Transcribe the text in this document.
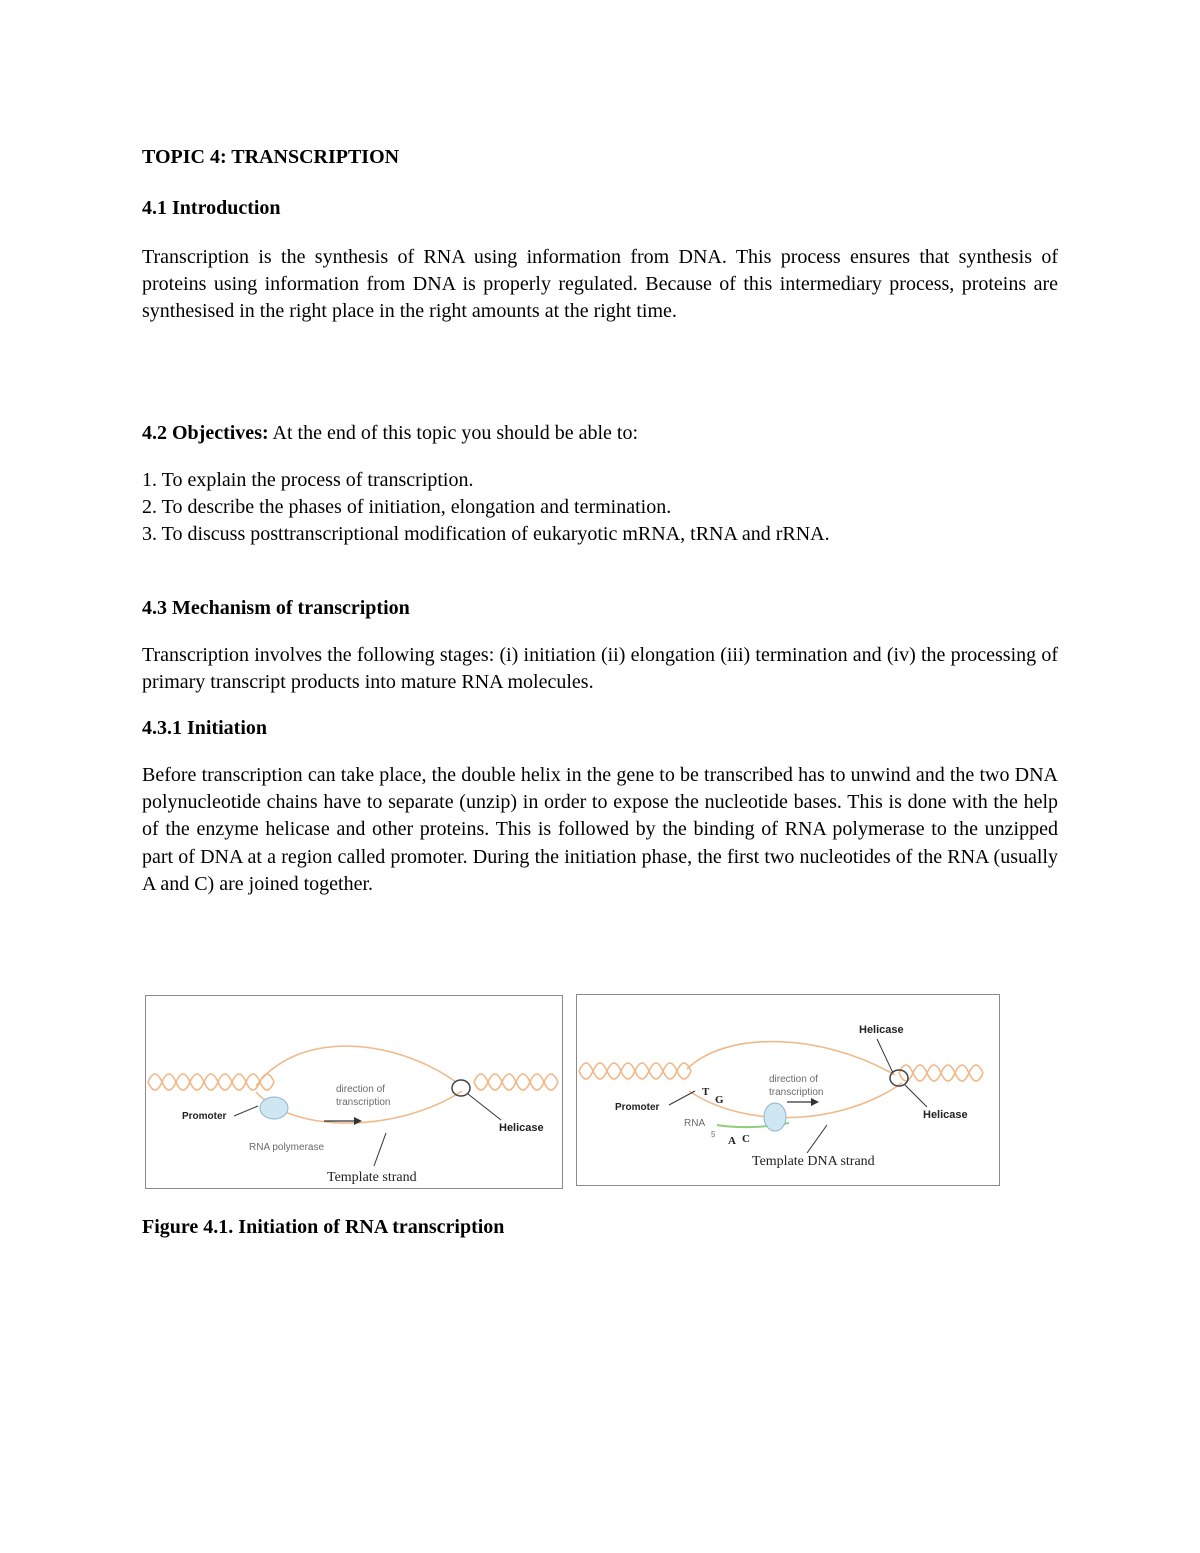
TOPIC 4: TRANSCRIPTION

4.1 Introduction

Transcription is the synthesis of RNA using information from DNA. This process ensures that synthesis of proteins using information from DNA is properly regulated. Because of this intermediary process, proteins are synthesised in the right place in the right amounts at the right time.

4.2 Objectives: At the end of this topic you should be able to:

1. To explain the process of transcription.

2. To describe the phases of initiation, elongation and termination.

3. To discuss posttranscriptional modification of eukaryotic mRNA, tRNA and rRNA.

4.3 Mechanism of transcription

Transcription involves the following stages: (i) initiation (ii) elongation (iii) termination and (iv) the processing of primary transcript products into mature RNA molecules.

4.3.1 Initiation

Before transcription can take place, the double helix in the gene to be transcribed has to unwind and the two DNA polynucleotide chains have to separate (unzip) in order to expose the nucleotide bases. This is done with the help of the enzyme helicase and other proteins. This is followed by the binding of RNA polymerase to the unzipped part of DNA at a region called promoter. During the initiation phase, the first two nucleotides of the RNA (usually A and C) are joined together.

Promoter
direction of
transcription
RNA polymerase
Helicase
Template strand
Helicase
Promoter
T
G
RNA
5
A C
direction of
transcription
Helicase
Template DNA strand

Figure 4.1. Initiation of RNA transcription
